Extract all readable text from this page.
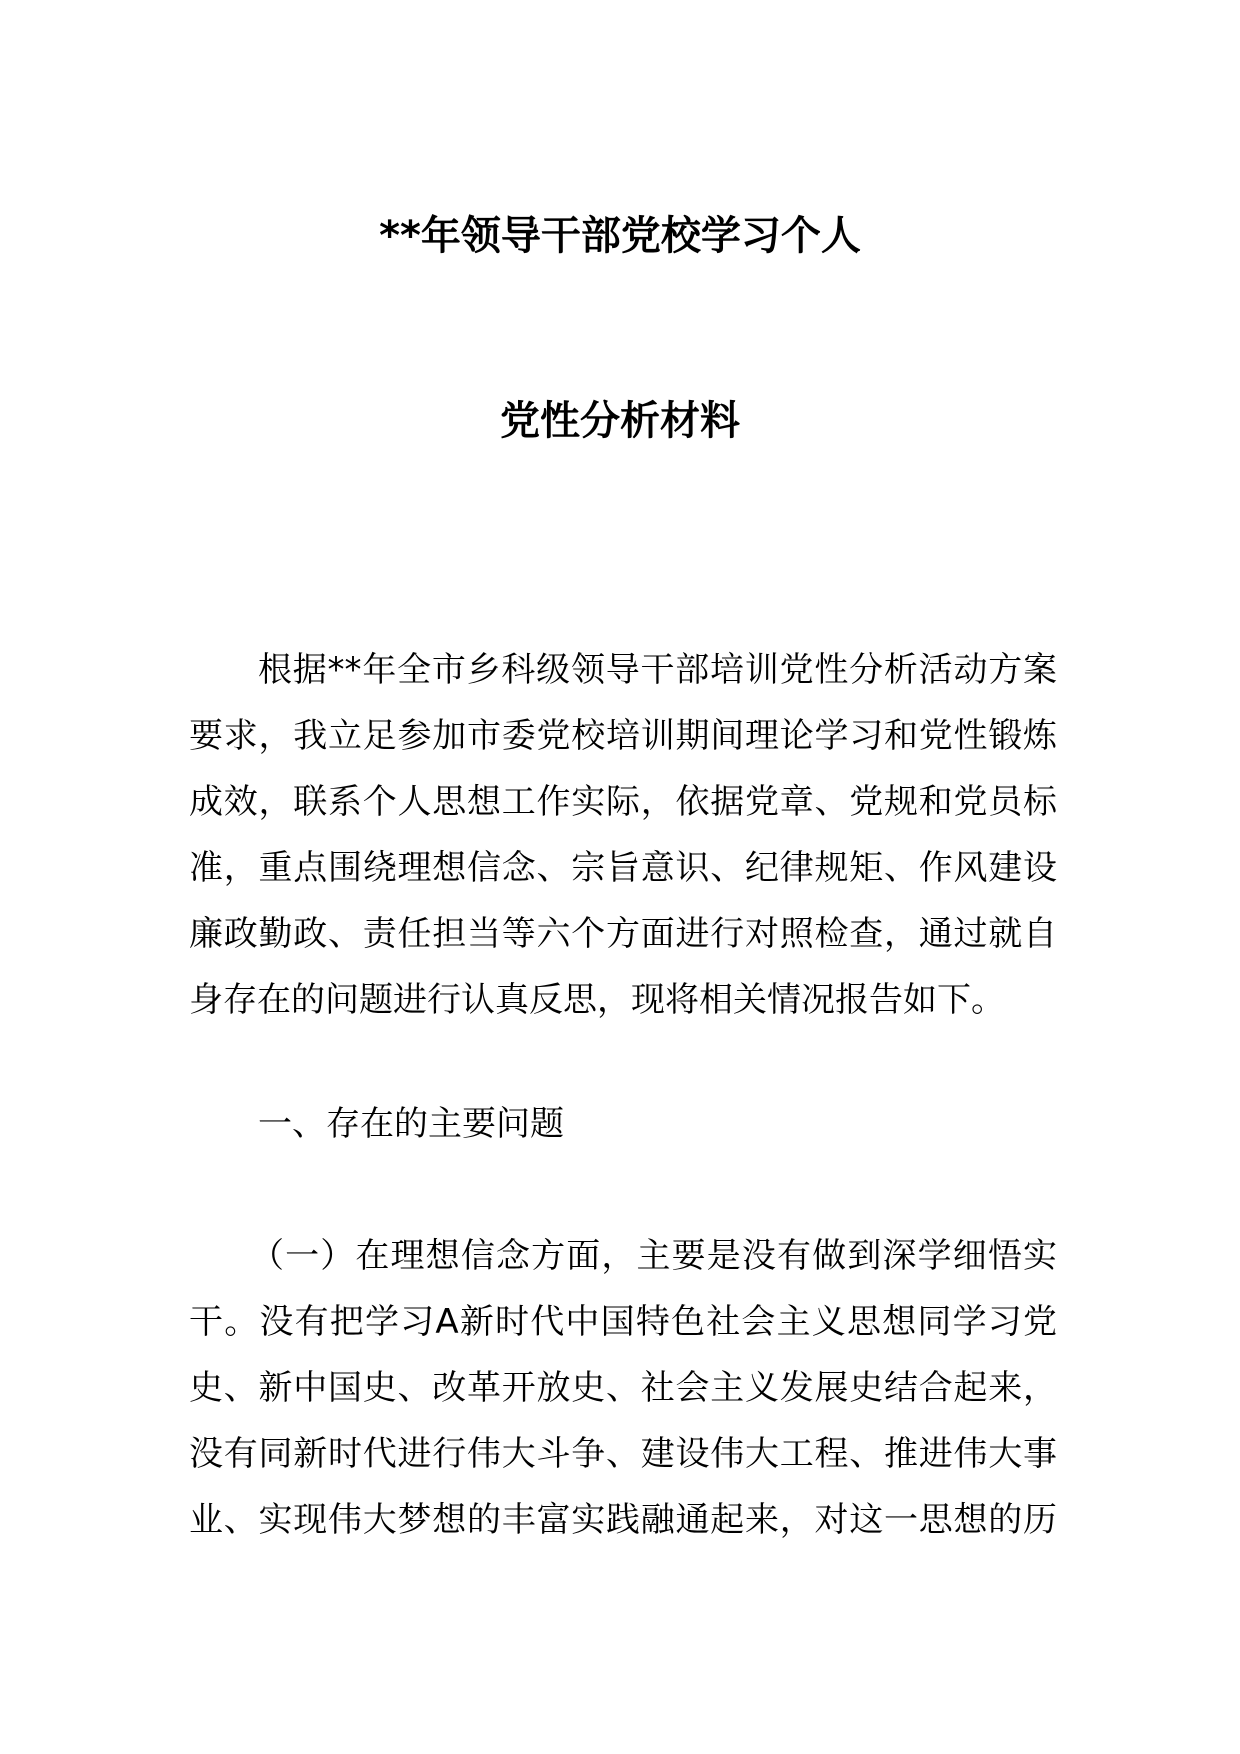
**年领导干部党校学习个人
党性分析材料
根据**年全市乡科级领导干部培训党性分析活动方案
要求，我立足参加市委党校培训期间理论学习和党性锻炼
成效，联系个人思想工作实际，依据党章、党规和党员标
准，重点围绕理想信念、宗旨意识、纪律规矩、作风建设
廉政勤政、责任担当等六个方面进行对照检查，通过就自
身存在的问题进行认真反思，现将相关情况报告如下。
一、存在的主要问题
（一）在理想信念方面，主要是没有做到深学细悟实
干。没有把学习A新时代中国特色社会主义思想同学习党
史、新中国史、改革开放史、社会主义发展史结合起来，
没有同新时代进行伟大斗争、建设伟大工程、推进伟大事
业、实现伟大梦想的丰富实践融通起来，对这一思想的历
